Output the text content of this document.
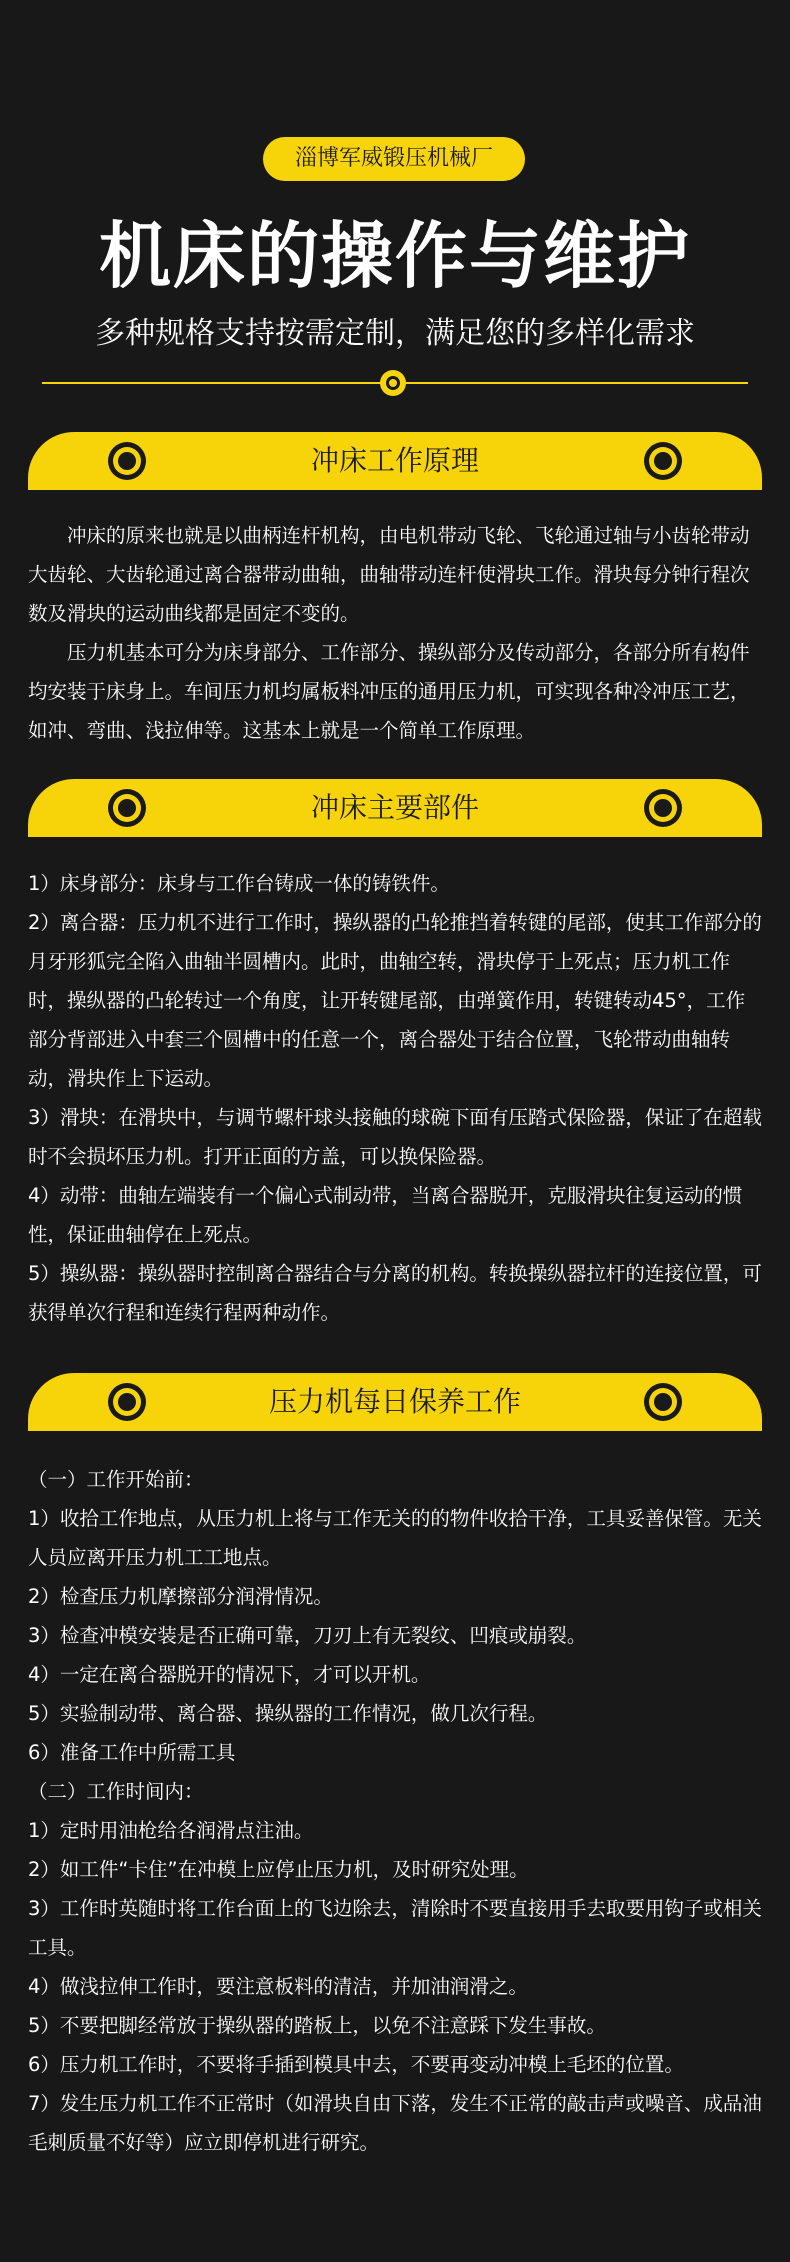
淄博军威锻压机械厂
机床的操作与维护
多种规格支持按需定制，满足您的多样化需求
冲床工作原理

冲床的原来也就是以曲柄连杆机构，由电机带动飞轮、飞轮通过轴与小齿轮带动大齿轮、大齿轮通过离合器带动曲轴，曲轴带动连杆使滑块工作。滑块每分钟行程次数及滑块的运动曲线都是固定不变的。

压力机基本可分为床身部分、工作部分、操纵部分及传动部分，各部分所有构件均安装于床身上。车间压力机均属板料冲压的通用压力机，可实现各种冷冲压工艺，如冲、弯曲、浅拉伸等。这基本上就是一个简单工作原理。

冲床主要部件

1）床身部分：床身与工作台铸成一体的铸铁件。

2）离合器：压力机不进行工作时，操纵器的凸轮推挡着转键的尾部，使其工作部分的月牙形狐完全陷入曲轴半圆槽内。此时，曲轴空转，滑块停于上死点；压力机工作时，操纵器的凸轮转过一个角度，让开转键尾部，由弹簧作用，转键转动45°，工作部分背部进入中套三个圆槽中的任意一个，离合器处于结合位置，飞轮带动曲轴转动，滑块作上下运动。

3）滑块：在滑块中，与调节螺杆球头接触的球碗下面有压踏式保险器，保证了在超载时不会损坏压力机。打开正面的方盖，可以换保险器。

4）动带：曲轴左端装有一个偏心式制动带，当离合器脱开，克服滑块往复运动的惯性，保证曲轴停在上死点。

5）操纵器：操纵器时控制离合器结合与分离的机构。转换操纵器拉杆的连接位置，可获得单次行程和连续行程两种动作。

压力机每日保养工作

（一）工作开始前：

1）收拾工作地点，从压力机上将与工作无关的的物件收拾干净，工具妥善保管。无关人员应离开压力机工工地点。

2）检查压力机摩擦部分润滑情况。

3）检查冲模安装是否正确可靠，刀刃上有无裂纹、凹痕或崩裂。

4）一定在离合器脱开的情况下，才可以开机。

5）实验制动带、离合器、操纵器的工作情况，做几次行程。

6）准备工作中所需工具

（二）工作时间内：

1）定时用油枪给各润滑点注油。

2）如工件“卡住”在冲模上应停止压力机，及时研究处理。

3）工作时英随时将工作台面上的飞边除去，清除时不要直接用手去取要用钩子或相关工具。

4）做浅拉伸工作时，要注意板料的清洁，并加油润滑之。

5）不要把脚经常放于操纵器的踏板上，以免不注意踩下发生事故。

6）压力机工作时，不要将手插到模具中去，不要再变动冲模上毛坯的位置。

7）发生压力机工作不正常时（如滑块自由下落，发生不正常的敲击声或噪音、成品油毛刺质量不好等）应立即停机进行研究。
